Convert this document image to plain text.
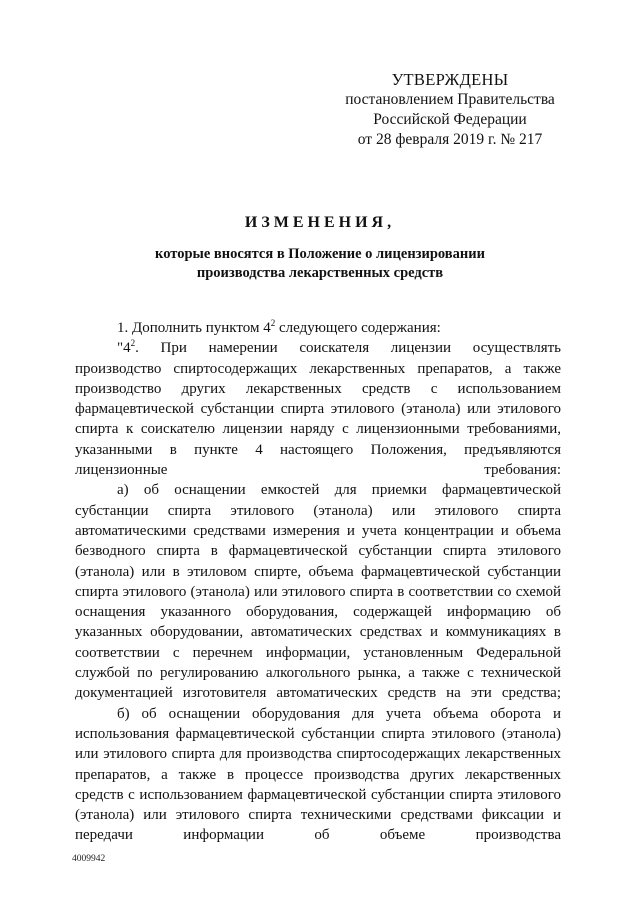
УТВЕРЖДЕНЫ
постановлением Правительства
Российской Федерации
от 28 февраля 2019 г. № 217
ИЗМЕНЕНИЯ,
которые вносятся в Положение о лицензировании
производства лекарственных средств

1. Дополнить пунктом $4^2$ следующего содержания:

"$4^2$. При намерении соискателя лицензии осуществлять производство спиртосодержащих лекарственных препаратов, а также производство других лекарственных средств с использованием фармацевтической субстанции спирта этилового (этанола) или этилового спирта к соискателю лицензии наряду с лицензионными требованиями, указанными в пункте 4 настоящего Положения, предъявляются лицензионные требования:

а) об оснащении емкостей для приемки фармацевтической субстанции спирта этилового (этанола) или этилового спирта автоматическими средствами измерения и учета концентрации и объема безводного спирта в фармацевтической субстанции спирта этилового (этанола) или в этиловом спирте, объема фармацевтической субстанции спирта этилового (этанола) или этилового спирта в соответствии со схемой оснащения указанного оборудования, содержащей информацию об указанных оборудовании, автоматических средствах и коммуникациях в соответствии с перечнем информации, установленным Федеральной службой по регулированию алкогольного рынка, а также с технической документацией изготовителя автоматических средств на эти средства;

б) об оснащении оборудования для учета объема оборота и использования фармацевтической субстанции спирта этилового (этанола) или этилового спирта для производства спиртосодержащих лекарственных препаратов, а также в процессе производства других лекарственных средств с использованием фармацевтической субстанции спирта этилового (этанола) или этилового спирта техническими средствами фиксации и передачи информации об объеме производства

4009942
